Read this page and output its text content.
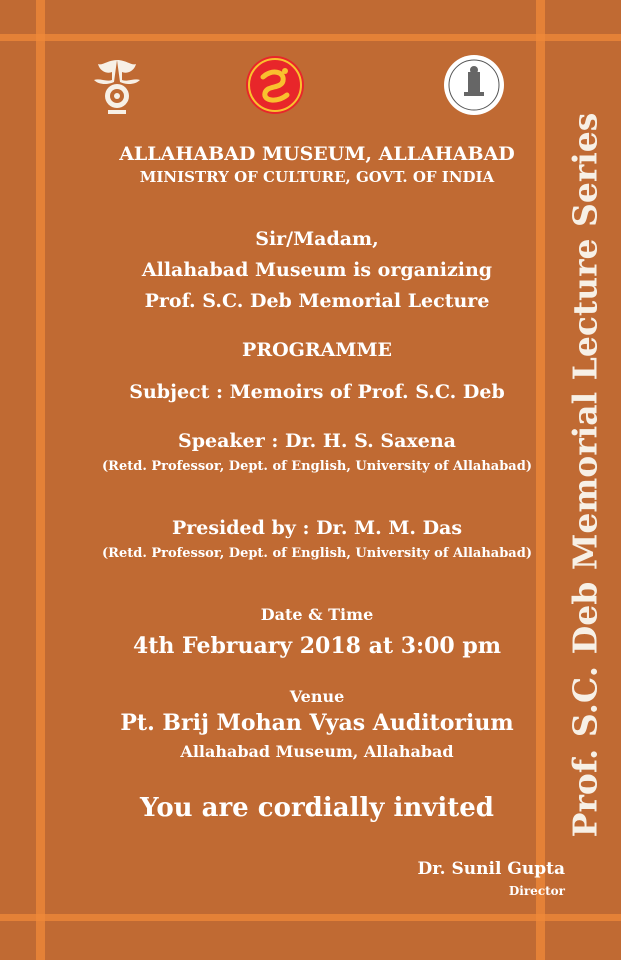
ALLAHABAD MUSEUM, ALLAHABAD
MINISTRY OF CULTURE, GOVT. OF INDIA
Sir/Madam,
Allahabad Museum is organizing
Prof. S.C. Deb Memorial Lecture
PROGRAMME
Subject : Memoirs of Prof. S.C. Deb
Speaker : Dr. H. S. Saxena
(Retd. Professor, Dept. of English, University of Allahabad)
Presided by : Dr. M. M. Das
(Retd. Professor, Dept. of English, University of Allahabad)
Date & Time
4th February 2018 at 3:00 pm
Venue
Pt. Brij Mohan Vyas Auditorium
Allahabad Museum, Allahabad
You are cordially invited
Dr. Sunil Gupta
Director
Prof. S.C. Deb Memorial Lecture Series
